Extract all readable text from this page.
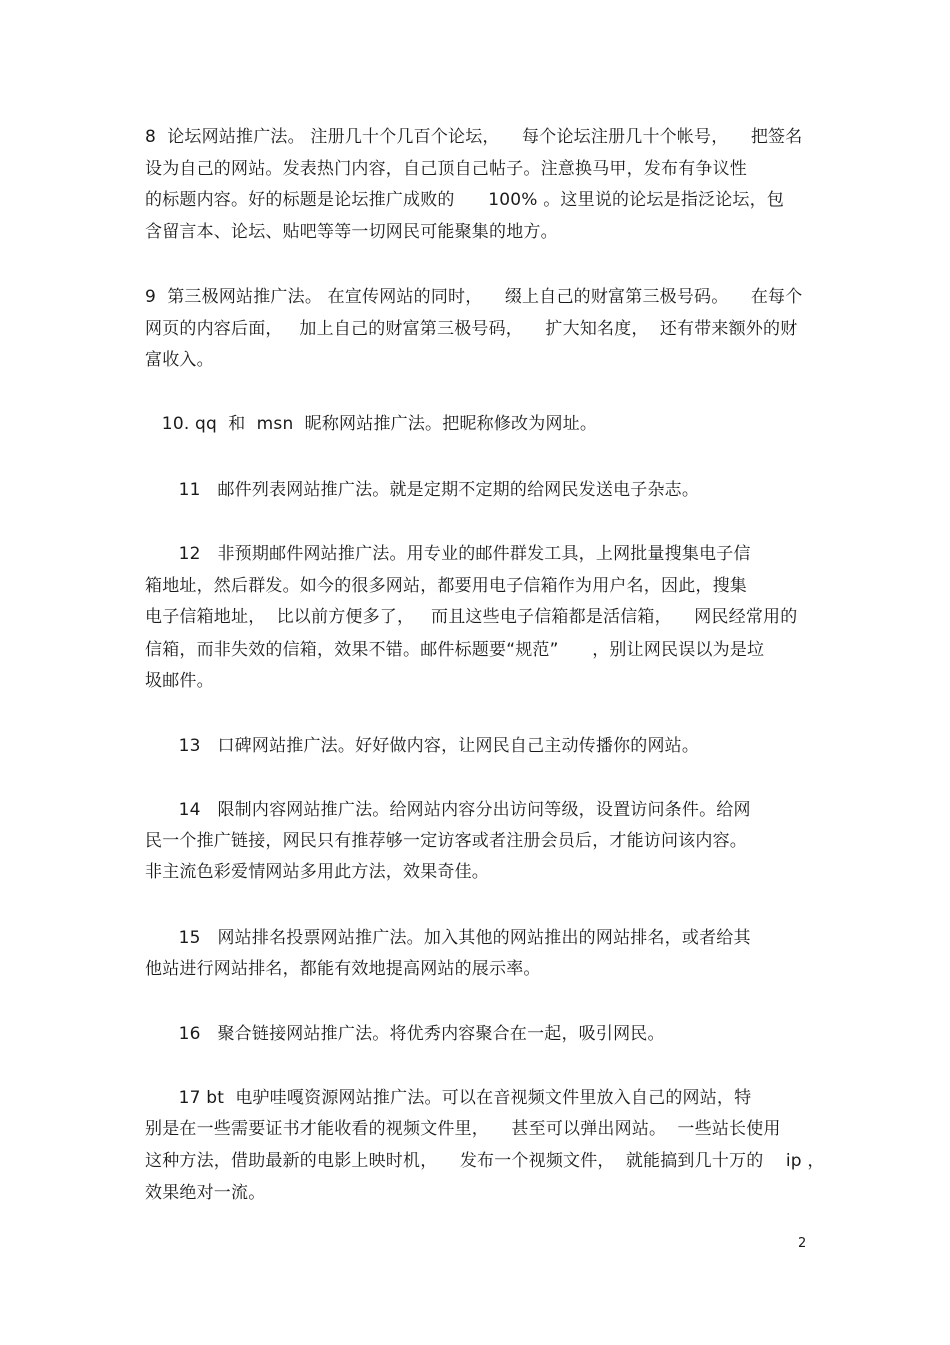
8  论坛网站推广法。 注册几十个几百个论坛，    每个论坛注册几十个帐号，    把签名

设为自己的网站。发表热门内容，自己顶自己帖子。注意换马甲，发布有争议性

的标题内容。好的标题是论坛推广成败的      100% 。这里说的论坛是指泛论坛，包

含留言本、论坛、贴吧等等一切网民可能聚集的地方。

9  第三极网站推广法。 在宣传网站的同时，    缀上自己的财富第三极号码。    在每个

网页的内容后面，   加上自己的财富第三极号码，    扩大知名度，  还有带来额外的财

富收入。

10. qq  和  msn  昵称网站推广法。把昵称修改为网址。

11   邮件列表网站推广法。就是定期不定期的给网民发送电子杂志。

12   非预期邮件网站推广法。用专业的邮件群发工具，上网批量搜集电子信

箱地址，然后群发。如今的很多网站，都要用电子信箱作为用户名，因此，搜集

电子信箱地址，  比以前方便多了，   而且这些电子信箱都是活信箱，    网民经常用的

信箱，而非失效的信箱，效果不错。邮件标题要“规范”      ，别让网民误以为是垃

圾邮件。

13   口碑网站推广法。好好做内容，让网民自己主动传播你的网站。

14   限制内容网站推广法。给网站内容分出访问等级，设置访问条件。给网

民一个推广链接，网民只有推荐够一定访客或者注册会员后，才能访问该内容。

非主流色彩爱情网站多用此方法，效果奇佳。

15   网站排名投票网站推广法。加入其他的网站推出的网站排名，或者给其

他站进行网站排名，都能有效地提高网站的展示率。

16   聚合链接网站推广法。将优秀内容聚合在一起，吸引网民。

17 bt  电驴哇嘎资源网站推广法。可以在音视频文件里放入自己的网站，特

别是在一些需要证书才能收看的视频文件里，    甚至可以弹出网站。  一些站长使用

这种方法，借助最新的电影上映时机，    发布一个视频文件，  就能搞到几十万的    ip ，

效果绝对一流。

2
